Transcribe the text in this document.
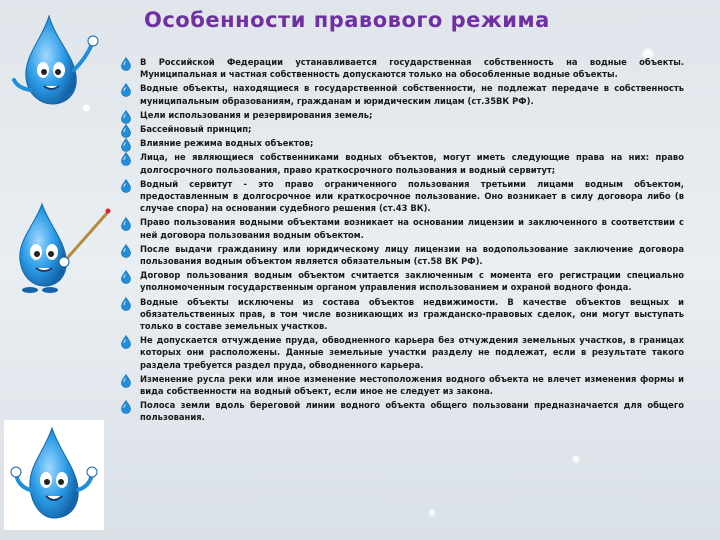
Особенности правового режима
В Российской Федерации устанавливается государственная собственность на водные объекты. Муниципальная и частная собственность допускаются только на обособленные водные объекты.
Водные объекты, находящиеся в государственной собственности, не подлежат передаче в собственность муниципальным образованиям, гражданам и юридическим лицам (ст.35ВК РФ).
Цели использования и резервирования земель;
Бассейновый принцип;
Влияние режима водных объектов;
Лица, не являющиеся собственниками водных объектов, могут иметь следующие права на них: право долгосрочного пользования, право краткосрочного пользования и водный сервитут;
Водный сервитут - это право ограниченного пользования третьими лицами водным объектом, предоставленным в долгосрочное или краткосрочное пользование. Оно возникает в силу договора либо (в случае спора) на основании судебного решения (ст.43 ВК).
Право пользования водными объектами возникает на основании лицензии и заключенного в соответствии с ней договора пользования водным объектом.
После выдачи гражданину или юридическому лицу лицензии на водопользование заключение договора пользования водным объектом является обязательным (ст.58 ВК РФ).
Договор пользования водным объектом считается заключенным с момента его регистрации специально уполномоченным государственным органом управления использованием и охраной водного фонда.
Водные объекты исключены из состава объектов недвижимости. В качестве объектов вещных и обязательственных прав, в том числе возникающих из гражданско-правовых сделок, они могут выступать только в составе земельных участков.
Не допускается отчуждение пруда, обводненного карьера без отчуждения земельных участков, в границах которых они расположены. Данные земельные участки разделу не подлежат, если в результате такого раздела требуется раздел пруда, обводненного карьера.
Изменение русла реки или иное изменение местоположения водного объекта не влечет изменения формы и вида собственности на водный объект, если иное не следует из закона.
Полоса земли вдоль береговой линии водного объекта общего пользовани предназначается для общего пользования.
